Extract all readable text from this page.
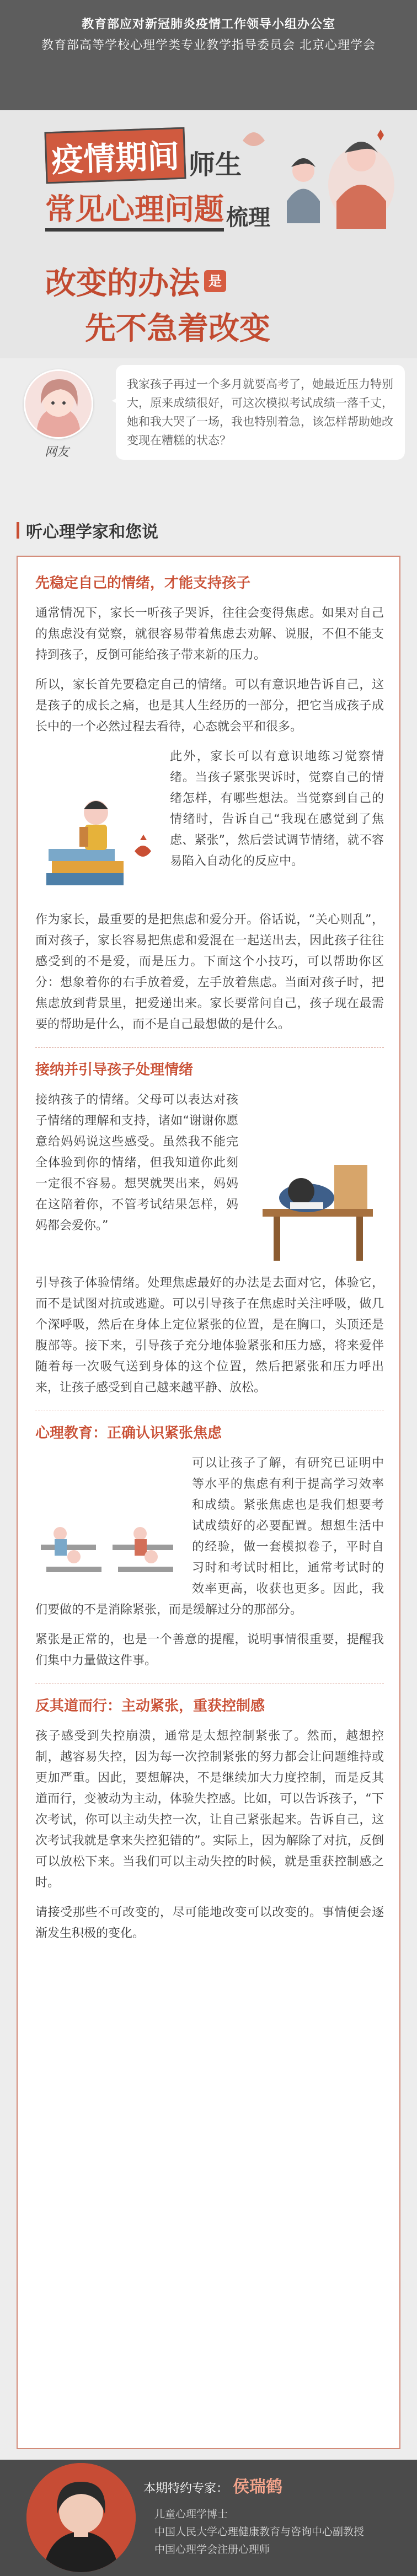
教育部应对新冠肺炎疫情工作领导小组办公室
教育部高等学校心理学类专业教学指导委员会 北京心理学会
疫情期间 师生
常见心理问题 梳理
改变的办法 是
先不急着改变
网友
我家孩子再过一个多月就要高考了，她最近压力特别大，原来成绩很好，可这次模拟考试成绩一落千丈，她和我大哭了一场，我也特别着急，该怎样帮助她改变现在糟糕的状态？
听心理学家和您说
先稳定自己的情绪，才能支持孩子

通常情况下，家长一听孩子哭诉，往往会变得焦虑。如果对自己的焦虑没有觉察，就很容易带着焦虑去劝解、说服，不但不能支持到孩子，反倒可能给孩子带来新的压力。

所以，家长首先要稳定自己的情绪。可以有意识地告诉自己，这是孩子的成长之痛，也是其人生经历的一部分，把它当成孩子成长中的一个必然过程去看待，心态就会平和很多。

此外，家长可以有意识地练习觉察情绪。当孩子紧张哭诉时，觉察自己的情绪怎样，有哪些想法。当觉察到自己的情绪时，告诉自己“我现在感觉到了焦虑、紧张”，然后尝试调节情绪，就不容易陷入自动化的反应中。

作为家长，最重要的是把焦虑和爱分开。俗话说，“关心则乱”，面对孩子，家长容易把焦虑和爱混在一起送出去，因此孩子往往感受到的不是爱，而是压力。下面这个小技巧，可以帮助你区分：想象着你的右手放着爱，左手放着焦虑。当面对孩子时，把焦虑放到背景里，把爱递出来。家长要常问自己，孩子现在最需要的帮助是什么，而不是自己最想做的是什么。

接纳并引导孩子处理情绪

接纳孩子的情绪。父母可以表达对孩子情绪的理解和支持，诸如“谢谢你愿意给妈妈说这些感受。虽然我不能完全体验到你的情绪，但我知道你此刻一定很不容易。想哭就哭出来，妈妈在这陪着你，不管考试结果怎样，妈妈都会爱你。”

引导孩子体验情绪。处理焦虑最好的办法是去面对它，体验它，而不是试图对抗或逃避。可以引导孩子在焦虑时关注呼吸，做几个深呼吸，然后在身体上定位紧张的位置，是在胸口，头顶还是腹部等。接下来，引导孩子充分地体验紧张和压力感，将来爱伴随着每一次吸气送到身体的这个位置，然后把紧张和压力呼出来，让孩子感受到自己越来越平静、放松。

心理教育：正确认识紧张焦虑

可以让孩子了解，有研究已证明中等水平的焦虑有利于提高学习效率和成绩。紧张焦虑也是我们想要考试成绩好的必要配置。想想生活中的经验，做一套模拟卷子，平时自习时和考试时相比，通常考试时的效率更高，收获也更多。因此，我们要做的不是消除紧张，而是缓解过分的那部分。

紧张是正常的，也是一个善意的提醒，说明事情很重要，提醒我们集中力量做这件事。

反其道而行：主动紧张，重获控制感

孩子感受到失控崩溃，通常是太想控制紧张了。然而，越想控制，越容易失控，因为每一次控制紧张的努力都会让问题维持或更加严重。因此，要想解决，不是继续加大力度控制，而是反其道而行，变被动为主动，体验失控感。比如，可以告诉孩子，“下次考试，你可以主动失控一次，让自己紧张起来。告诉自己，这次考试我就是拿来失控犯错的”。实际上，因为解除了对抗，反倒可以放松下来。当我们可以主动失控的时候，就是重获控制感之时。

请接受那些不可改变的，尽可能地改变可以改变的。事情便会逐渐发生积极的变化。

本期特约专家： 侯瑞鹤
儿童心理学博士
中国人民大学心理健康教育与咨询中心副教授
中国心理学会注册心理师
